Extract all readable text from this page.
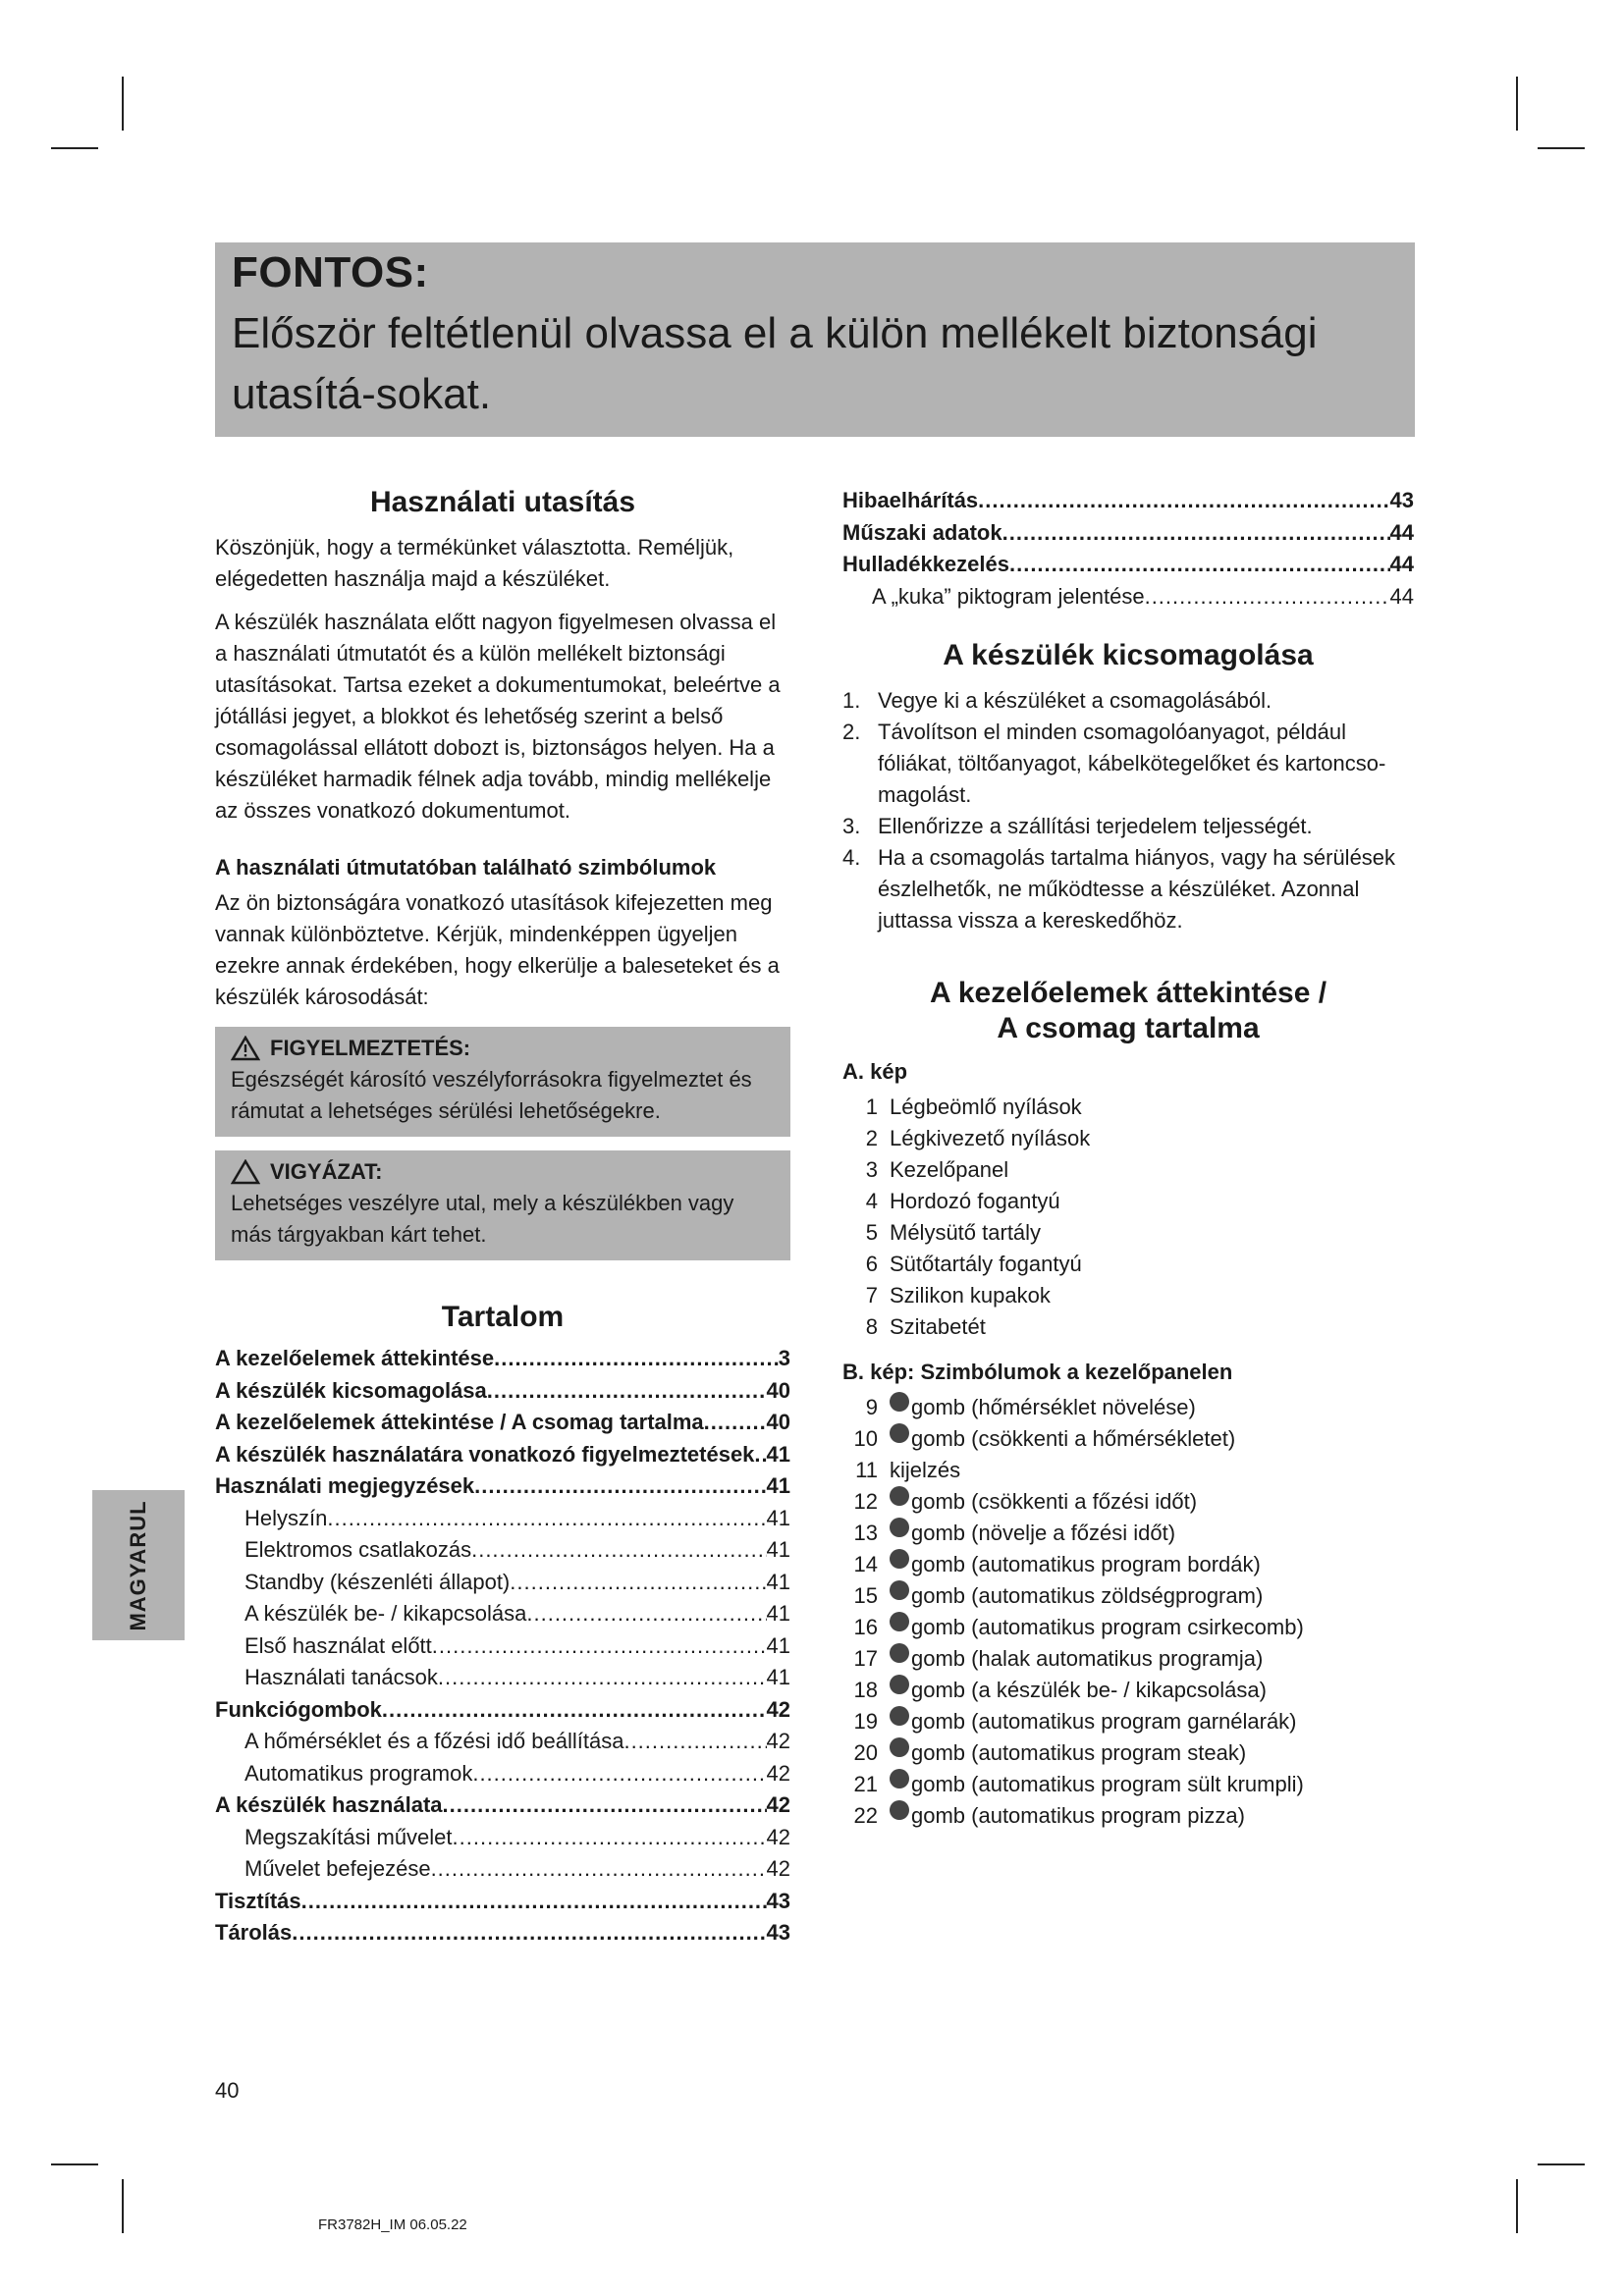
FONTOS:
Először feltétlenül olvassa el a külön mellékelt biztonsági utasítá-sokat.
Használati utasítás

Köszönjük, hogy a termékünket választotta. Reméljük, elégedetten használja majd a készüléket.

A készülék használata előtt nagyon figyelmesen olvassa el a használati útmutatót és a külön mellékelt biztonsági utasításokat. Tartsa ezeket a dokumentumokat, beleértve a jótállási jegyet, a blokkot és lehetőség szerint a belső csomagolással ellátott dobozt is, biztonságos helyen. Ha a készüléket harmadik félnek adja tovább, mindig mellékelje az összes vonatkozó dokumentumot.

A használati útmutatóban található szimbólumok

Az ön biztonságára vonatkozó utasítások kifejezetten meg vannak különböztetve. Kérjük, mindenképpen ügyeljen ezekre annak érdekében, hogy elkerülje a baleseteket és a készülék károsodását:

FIGYELMEZTETÉS:
Egészségét károsító veszélyforrásokra figyelmeztet és rámutat a lehetséges sérülési lehetőségekre.
VIGYÁZAT:
Lehetséges veszélyre utal, mely a készülékben vagy más tárgyakban kárt tehet.
Tartalom
A kezelőelemek áttekintése .....	3
A készülék kicsomagolása .....	40
A kezelőelemek áttekintése / A csomag tartalma .....	40
A készülék használatára vonatkozó figyelmeztetések ..... 41
Használati megjegyzések .....	41
Helyszín .....	41
Elektromos csatlakozás .....	41
Standby (készenléti állapot) .....	41
A készülék be- / kikapcsolása .....	41
Első használat előtt .....	41
Használati tanácsok .....	41
Funkciógombok .....	42
A hőmérséklet és a főzési idő beállítása .....	42
Automatikus programok .....	42
A készülék használata .....	42
Megszakítási művelet .....	42
Művelet befejezése .....	42
Tisztítás .....	43
Tárolás .....	43
Hibaelhárítás .....	43
Műszaki adatok .....	44
Hulladékkezelés .....	44
A „kuka” piktogram jelentése .....	44
A készülék kicsomagolása
1. Vegye ki a készüléket a csomagolásából.
2. Távolítson el minden csomagolóanyagot, például fóliákat, töltőanyagot, kábelkötegelőket és kartoncso-magolást.
3. Ellenőrizze a szállítási terjedelem teljességét.
4. Ha a csomagolás tartalma hiányos, vagy ha sérülések észlelhetők, ne működtesse a készüléket. Azonnal juttassa vissza a kereskedőhöz.
A kezelőelemek áttekintése /
A csomag tartalma
A. kép
1 Légbeömlő nyílások
2 Légkivezető nyílások
3 Kezelőpanel
4 Hordozó fogantyú
5 Mélysütő tartály
6 Sütőtartály fogantyú
7 Szilikon kupakok
8 Szitabetét
B. kép: Szimbólumok a kezelőpanelen
9	gomb (hőmérséklet növelése)
10	gomb (csökkenti a hőmérsékletet)
11 kijelzés
12	gomb (csökkenti a főzési időt)
13	gomb (növelje a főzési időt)
14	gomb (automatikus program bordák)
15	gomb (automatikus zöldségprogram)
16	gomb (automatikus program csirkecomb)
17	gomb (halak automatikus programja)
18	gomb (a készülék be- / kikapcsolása)
19	gomb (automatikus program garnélarák)
20	gomb (automatikus program steak)
21	gomb (automatikus program sült krumpli)
22	gomb (automatikus program pizza)
MAGYARUL
40
FR3782H_IM 06.05.22
